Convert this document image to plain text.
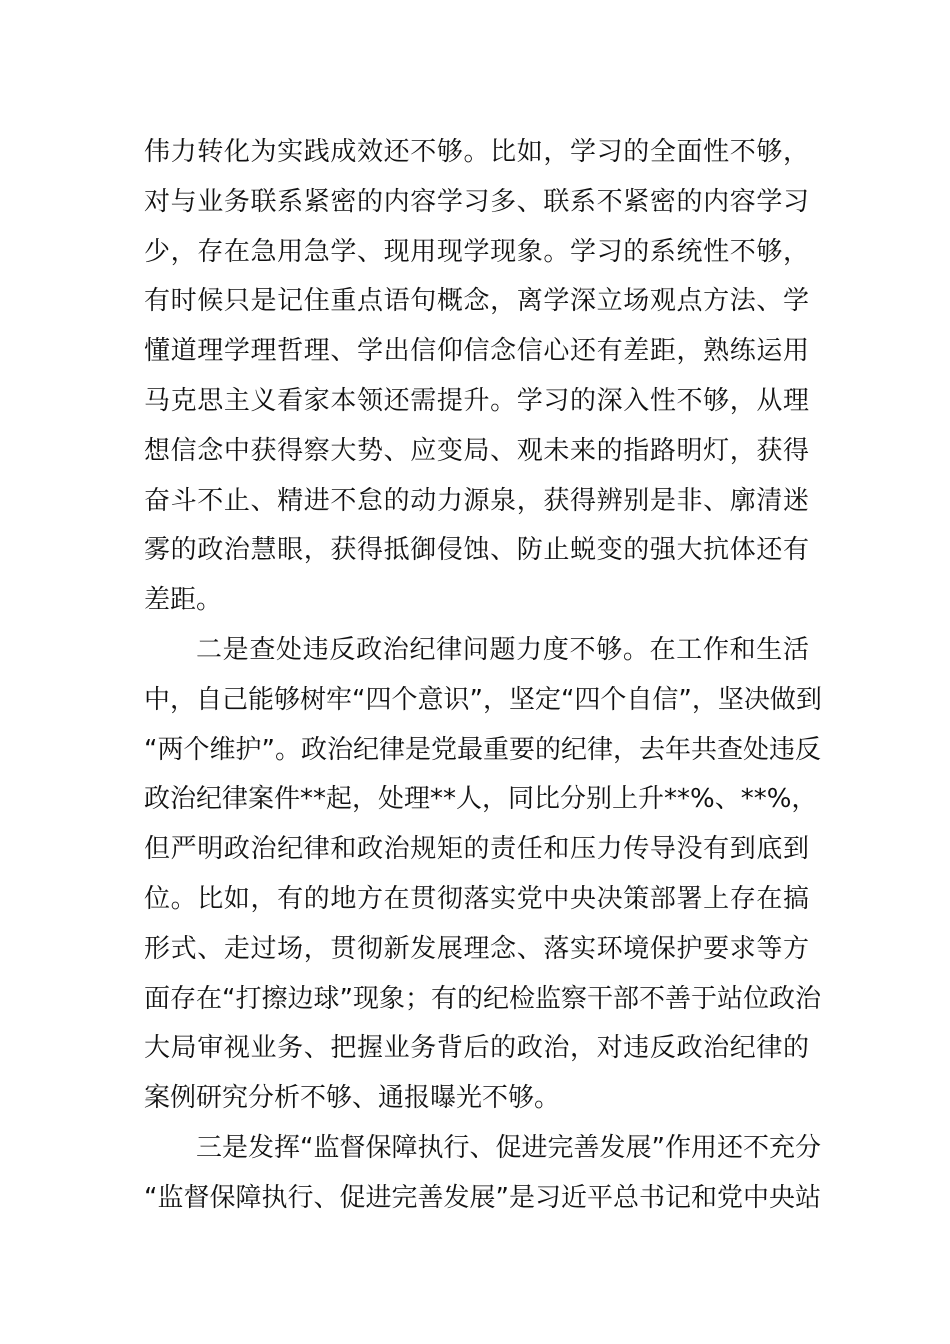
伟力转化为实践成效还不够。比如，学习的全面性不够，
对与业务联系紧密的内容学习多、联系不紧密的内容学习
少，存在急用急学、现用现学现象。学习的系统性不够，
有时候只是记住重点语句概念，离学深立场观点方法、学
懂道理学理哲理、学出信仰信念信心还有差距，熟练运用
马克思主义看家本领还需提升。学习的深入性不够，从理
想信念中获得察大势、应变局、观未来的指路明灯，获得
奋斗不止、精进不怠的动力源泉，获得辨别是非、廓清迷
雾的政治慧眼，获得抵御侵蚀、防止蜕变的强大抗体还有
差距。
二是查处违反政治纪律问题力度不够。在工作和生活
中，自己能够树牢“四个意识”，坚定“四个自信”，坚决做到
“两个维护”。政治纪律是党最重要的纪律，去年共查处违反
政治纪律案件**起，处理**人，同比分别上升**%、**%，
但严明政治纪律和政治规矩的责任和压力传导没有到底到
位。比如，有的地方在贯彻落实党中央决策部署上存在搞
形式、走过场，贯彻新发展理念、落实环境保护要求等方
面存在“打擦边球”现象；有的纪检监察干部不善于站位政治
大局审视业务、把握业务背后的政治，对违反政治纪律的
案例研究分析不够、通报曝光不够。
三是发挥“监督保障执行、促进完善发展”作用还不充分
“监督保障执行、促进完善发展”是习近平总书记和党中央站
